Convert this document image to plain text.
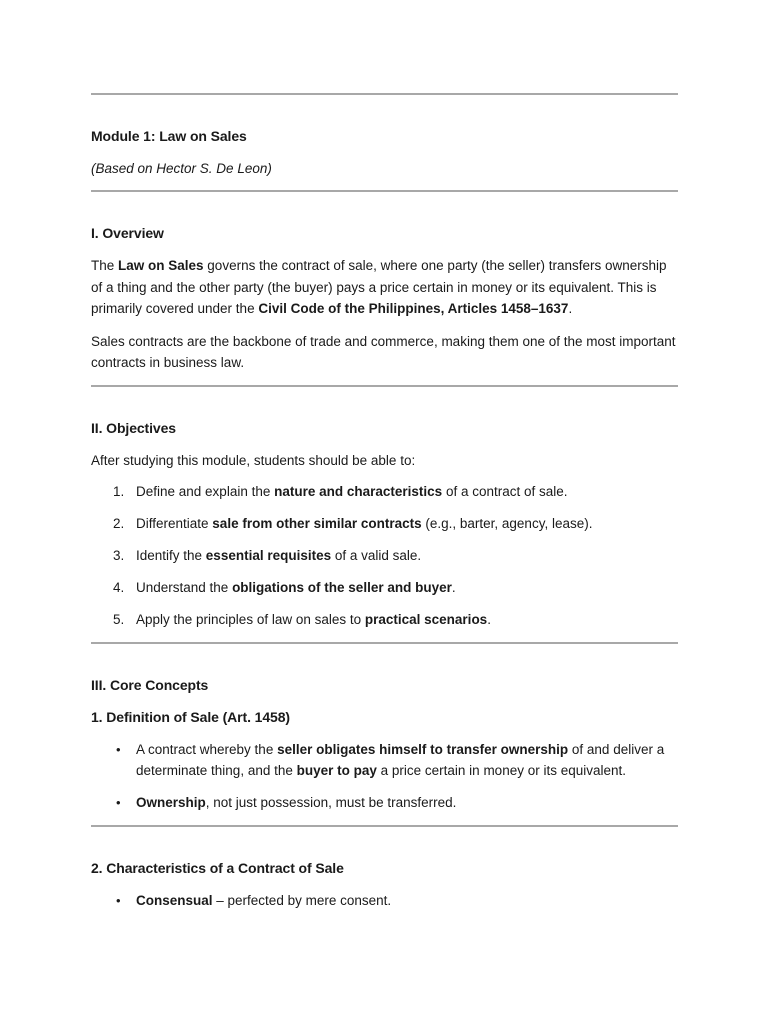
Module 1: Law on Sales

(Based on Hector S. De Leon)

I. Overview

The Law on Sales governs the contract of sale, where one party (the seller) transfers ownership of a thing and the other party (the buyer) pays a price certain in money or its equivalent. This is primarily covered under the Civil Code of the Philippines, Articles 1458–1637.

Sales contracts are the backbone of trade and commerce, making them one of the most important contracts in business law.

II. Objectives

After studying this module, students should be able to:

1. Define and explain the nature and characteristics of a contract of sale.
2. Differentiate sale from other similar contracts (e.g., barter, agency, lease).
3. Identify the essential requisites of a valid sale.
4. Understand the obligations of the seller and buyer.
5. Apply the principles of law on sales to practical scenarios.

III. Core Concepts

1. Definition of Sale (Art. 1458)

• A contract whereby the seller obligates himself to transfer ownership of and deliver a determinate thing, and the buyer to pay a price certain in money or its equivalent.
• Ownership, not just possession, must be transferred.

2. Characteristics of a Contract of Sale

• Consensual – perfected by mere consent.
